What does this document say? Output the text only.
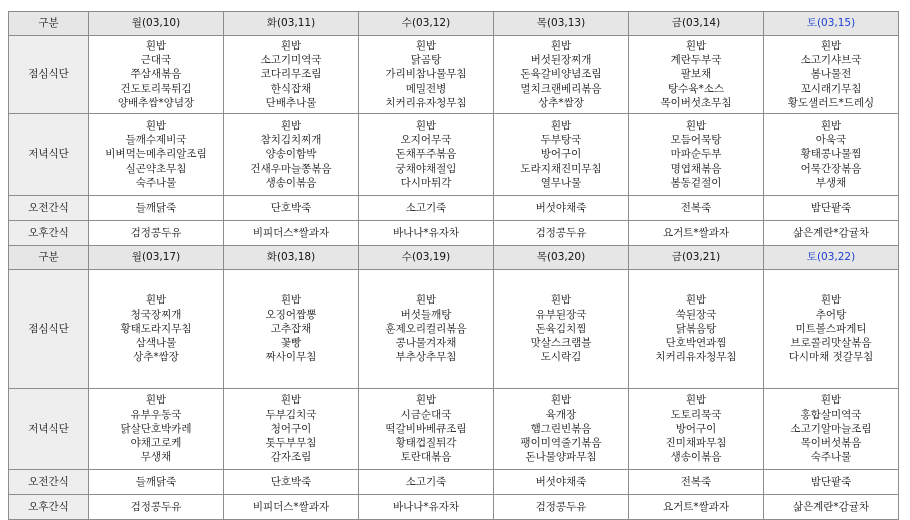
구분	월(03,10)	화(03,11)	수(03,12)	목(03,13)	금(03,14)	토(03,15)
점심식단	흰밥
근대국
쭈삼새볶음
건도토리묵튀김
양배추쌈*양념장	흰밥
소고기미역국
코다리무조림
한식잡채
단배추나물	흰밥
닭곰탕
가리비참나물무침
메밀전병
치커리유자청무침	흰밥
버섯된장찌개
돈육갈비양념조림
멸치크랜베리볶음
상추*쌈장	흰밥
계란두부국
팔보채
탕수육*소스
목이버섯초무침	흰밥
소고기샤브국
봄나물전
꼬시래기무침
황도샐러드*드레싱

저녁식단	흰밥
들깨수제비국
비벼먹는메추리알조림
실곤약초무침
숙주나물	흰밥
참치김치찌개
양송이함박
건새우마늘쫑볶음
생송이볶음	흰밥
오지어무국
돈채푸주볶음
궁채야채절임
다시마튀각	흰밥
두부탕국
방어구이
도라지채진미무침
열무나물	흰밥
모듬어묵탕
마파순두부
명엽채볶음
봄동겉절이	흰밥
아욱국
황태콩나물찜
어묵간장볶음
부생채

오전간식	들깨닭죽	단호박죽	소고기죽	버섯야채죽	전복죽	밤단팥죽
오후간식	검정콩두유	비피더스*쌀과자	바나나*유자차	검정콩두유	요거트*쌀과자	삶은계란*감귤차
구분	월(03,17)	화(03,18)	수(03,19)	목(03,20)	금(03,21)	토(03,22)
점심식단	흰밥
청국장찌개
황태도라지무침
삼색나물
상추*쌈장	흰밥
오징어짬뽕
고추잡채
꽃빵
짜사이무침	흰밥
버섯들깨탕
훈제오리컬리볶음
콩나물겨자채
부추상추무침	흰밥
유부된장국
돈육김치찜
맛살스크램블
도시락김	흰밥
쑥된장국
닭볶음탕
단호박연과찜
치커리유자청무침	흰밥
추어탕
미트볼스파게티
브로콜리맛살볶음
다시마채 젓갈무침

저녁식단	흰밥
유부우동국
닭살단호박카레
야채고로케
무생채	흰밥
두부김치국
청어구이
톳두부무침
감자조림	흰밥
시금순대국
떡갈비바베큐조림
황태껍질튀각
토란대볶음	흰밥
육개장
햄그린빈볶음
팽이미역줄기볶음
돈나물양파무침	흰밥
도토리묵국
방어구이
진미채파무침
생송이볶음	흰밥
홍합살미역국
소고기알마늘조림
목이버섯볶음
숙주나물

오전간식	들깨닭죽	단호박죽	소고기죽	버섯야채죽	전복죽	밤단팥죽
오후간식	검정콩두유	비피더스*쌀과자	바나나*유자차	검정콩두유	요거트*쌀과자	삶은계란*감귤차
